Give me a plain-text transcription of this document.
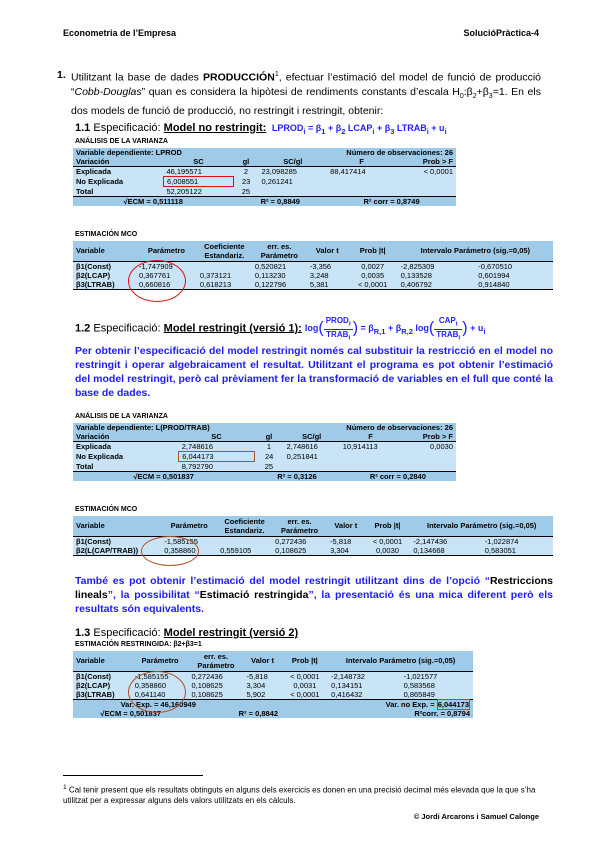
Econometria de l’Empresa	SolucióPràctica-4
1. Utilitzant la base de dades PRODUCCIÓN$^1$, efectuar l’estimació del model de funció de producció “Cobb-Douglas” quan es considera la hipòtesi de rendiments constants d’escala $H_0:\beta_2+\beta_3=1$. En els dos models de funció de producció, no restringit i restringit, obtenir:
1.1 Especificació: Model no restringit: $LPROD_i = \beta_1 + \beta_2$ $LCAP_i + \beta_3$ $LTRAB_i + u_i$
ANÁLISIS DE LA VARIANZA
Variable dependiente: LPROD			Número de observaciones: 26		
Variación	SC	gl	SC/gl	F	Prob > F
Explicada	46,195571	2	23,098285	88,417414	< 0,0001
No Explicada	6,008551	23	0,261241		
Total	52,205122	25			
√ECM = 0,511118		R² = 0,8849		R² corr = 0,8749	
ESTIMACIÓN MCO
Variable	Parámetro	Coeficiente Estandariz.	err. es. Parámetro	Valor t	Prob |t|	Intervalo Parámetro (sig.=0,05)	
β1(Const)	-1,747909		0,520821	-3,356	0,0027	-2,825309	-0,670510
β2(LCAP)	0,367761	0,373121	0,113230	3,248	0,0035	0,133528	0,601994
β3(LTRAB)	0,660816	0,618213	0,122796	5,381	< 0,0001	0,406792	0,914840
1.2 Especificació: Model restringit (versió 1): $\log( \frac{PROD_i}{TRAB_i}$ ) = $\beta_{R,1} + \beta_{R,2}$ $\log( \frac{CAP_i}{TRAB_i}$ ) + $u_i$
Per obtenir l’especificació del model restringit només cal substituir la restricció en el model no restringit i operar algebraicament el resultat. Utilitzant el programa es pot obtenir l’estimació del model restringit, però cal prèviament fer la transformació de variables en el full que conté la base de dades.
ANÁLISIS DE LA VARIANZA
Variable dependiente: L(PROD/TRAB)			Número de observaciones: 26		
Variación	SC	gl	SC/gl	F	Prob > F
Explicada	2,748616	1	2,748616	10,914113	0,0030
No Explicada	6,044173	24	0,251841		
Total	8,792790	25			
√ECM = 0,501837		R² = 0,3126		R² corr = 0,2840	
ESTIMACIÓN MCO
Variable	Parámetro	Coeficiente Estandariz.	err. es. Parámetro	Valor t	Prob |t|	Intervalo Parámetro (sig.=0,05)	
β1(Const)	-1,585155		0,272436	-5,818	< 0,0001	-2,147436	-1,022874
β2(L(CAP/TRAB))	0,358860	0,559105	0,108625	3,304	0,0030	0,134668	0,583051
També es pot obtenir l’estimació del model restringit utilitzant dins de l’opció “Restriccions lineals”, la possibilitat “Estimació restringida”, la presentació és una mica diferent però els resultats són equivalents.
1.3 Especificació: Model restringit (versió 2)
ESTIMACIÓN RESTRINGIDA: β2+β3=1
Variable	Parámetro	err. es. Parámetro	Valor t	Prob |t|	Intervalo Parámetro (sig.=0,05)	
β1(Const)	-1,585155	0,272436	-5,818	< 0,0001	-2,148732	-1,021577
β2(LCAP)	0,358860	0,108625	3,304	0,0031	0,134151	0,583568
β3(LTRAB)	0,641140	0,108625	5,902	< 0,0001	0,416432	0,865849
Var. Exp. = 46,160949			Var. no Exp. = 6,044173			
√ECM = 0,501837		R² = 0,8842			R²corr. = 0,8794	
$^1$ Cal tenir present que els resultats obtinguts en alguns dels exercicis es donen en una precisió decimal més elevada que la que s’ha utilitzat per a expressar alguns dels valors utilitzats en els càlculs.
© Jordi Arcarons i Samuel Calonge
